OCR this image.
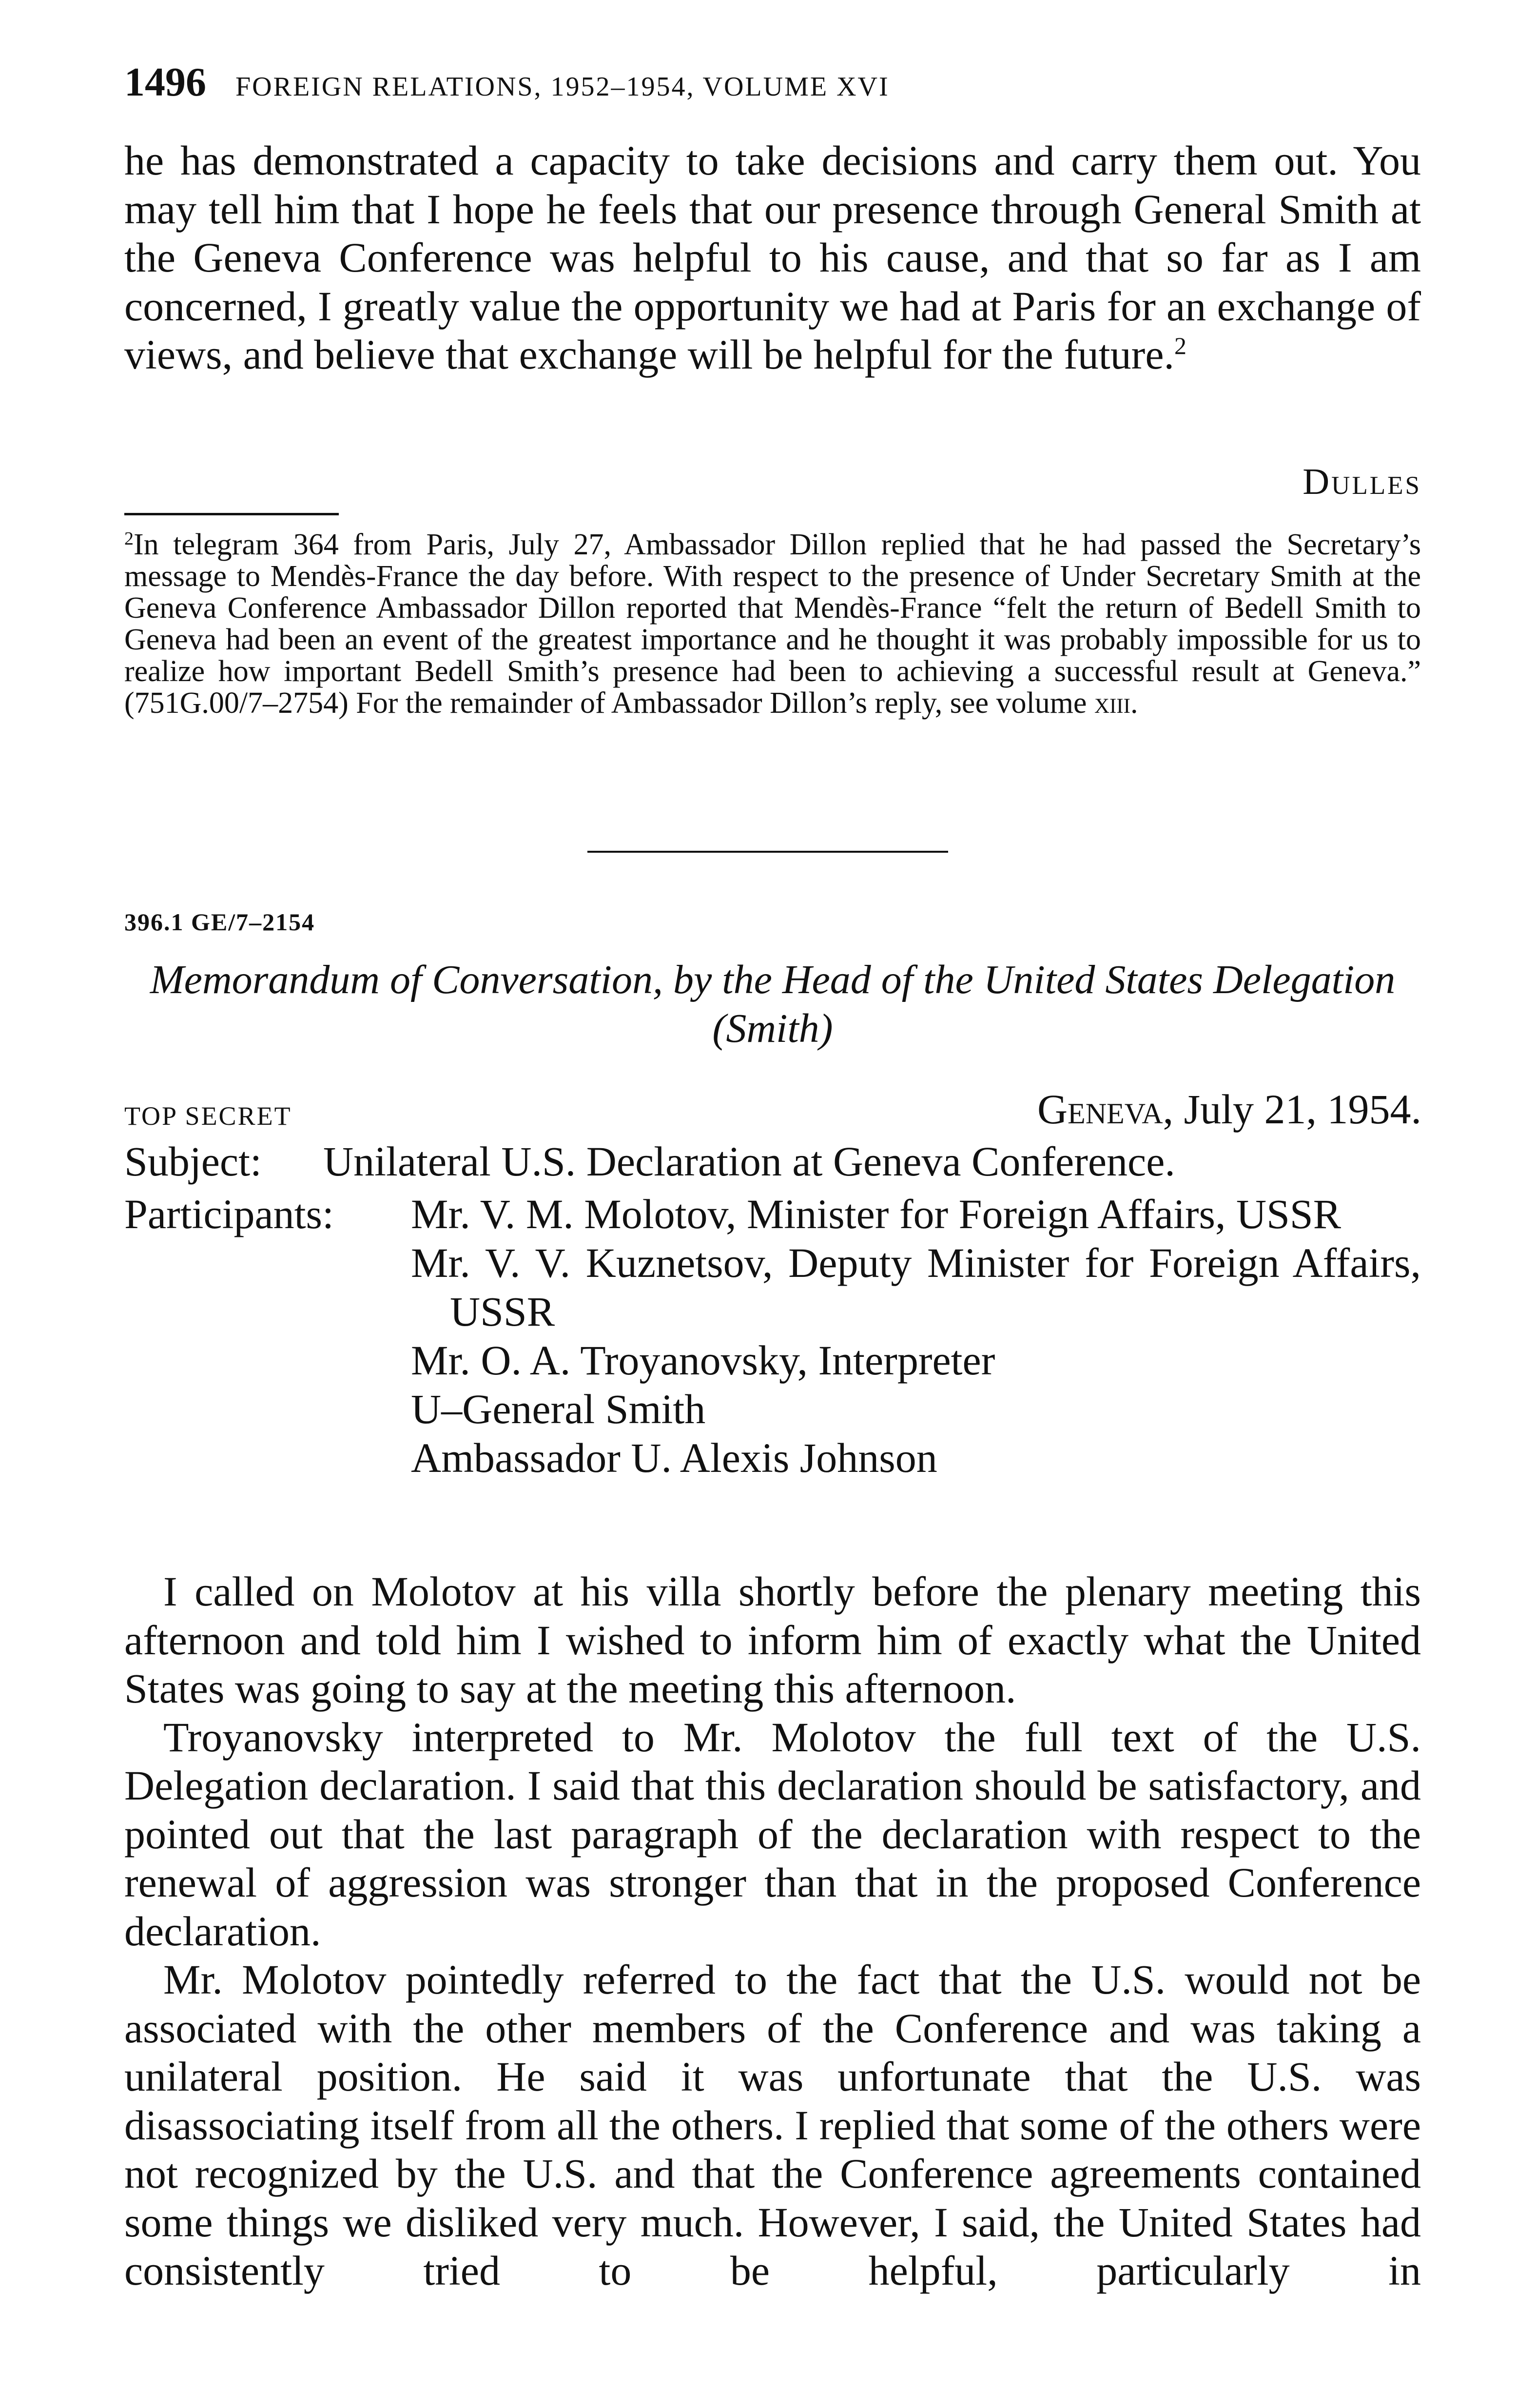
1496 FOREIGN RELATIONS, 1952–1954, VOLUME XVI

he has demonstrated a capacity to take decisions and carry them out. You may tell him that I hope he feels that our presence through General Smith at the Geneva Conference was helpful to his cause, and that so far as I am concerned, I greatly value the opportunity we had at Paris for an exchange of views, and believe that exchange will be helpful for the future.$^2$

Dulles
$^2$In telegram 364 from Paris, July 27, Ambassador Dillon replied that he had passed the Secretary’s message to Mendès-France the day before. With respect to the presence of Under Secretary Smith at the Geneva Conference Ambassador Dillon reported that Mendès-France “felt the return of Bedell Smith to Geneva had been an event of the greatest importance and he thought it was probably impossible for us to realize how important Bedell Smith’s presence had been to achieving a successful result at Geneva.” (751G.00/7–2754) For the remainder of Ambassador Dillon’s reply, see volume xiii.
396.1 GE/7–2154
Memorandum of Conversation, by the Head of the United States Delegation (Smith)
TOP SECRET	Geneva, July 21, 1954.
Subject: Unilateral U.S. Declaration at Geneva Conference.
Participants: Mr. V. M. Molotov, Minister for Foreign Affairs, USSR
Mr. V. V. Kuznetsov, Deputy Minister for Foreign Affairs, USSR
Mr. O. A. Troyanovsky, Interpreter
U–General Smith
Ambassador U. Alexis Johnson

I called on Molotov at his villa shortly before the plenary meeting this afternoon and told him I wished to inform him of exactly what the United States was going to say at the meeting this afternoon.

Troyanovsky interpreted to Mr. Molotov the full text of the U.S. Delegation declaration. I said that this declaration should be satisfactory, and pointed out that the last paragraph of the declaration with respect to the renewal of aggression was stronger than that in the proposed Conference declaration.

Mr. Molotov pointedly referred to the fact that the U.S. would not be associated with the other members of the Conference and was taking a unilateral position. He said it was unfortunate that the U.S. was disassociating itself from all the others. I replied that some of the others were not recognized by the U.S. and that the Conference agreements contained some things we disliked very much. However, I said, the United States had consistently tried to be helpful, particularly in
